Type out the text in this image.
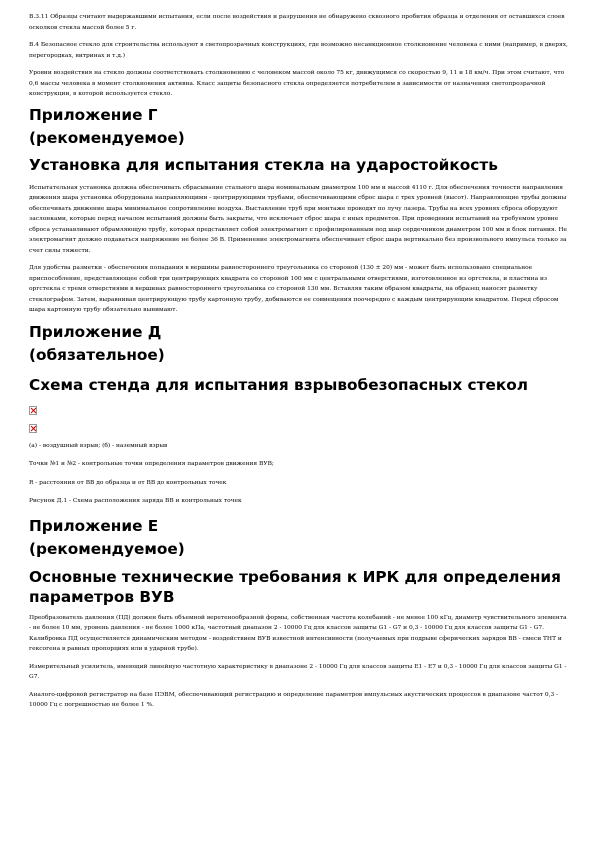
В.3.11 Образцы считают выдержавшими испытания, если после воздействия и разрушения не обнаружено сквозного пробития образца и отделения от оставшихся слоев осколков стекла массой более 5 г.

В.4 Безопасное стекло для строительства используют в светопрозрачных конструкциях, где возможно несанкционное столкновение человека с ними (например, в дверях, перегородках, витринах и т.д.)

Уровни воздействия на стекло должны соответствовать столкновению с человеком массой около 75 кг, движущимся со скоростью 9, 11 и 18 км/ч. При этом считают, что 0,6 массы человека в момент столкновения активна. Класс защиты безопасного стекла определяется потребителем в зависимости от назначения светопрозрачной конструкции, в которой используется стекло.

Приложение Г
(рекомендуемое)
Установка для испытания стекла на ударостойкость

Испытательная установка должна обеспечивать сбрасывание стального шара номинальным диаметром 100 мм и массой 4110 г. Для обеспечения точности направления движения шара установка оборудована направляющими - центрирующими трубами, обеспечивающими сброс шара с трех уровней (высот). Направляющие трубы должны обеспечивать движение шара минимальное сопротивление воздуха. Выставление труб при монтаже проводят по лучу лазера. Трубы на всех уровнях сброса оборудуют заслонками, которые перед началом испытаний должны быть закрыты, что исключает сброс шара с иных предметов. При проведении испытаний на требуемом уровне сброса устанавливают обрамляющую трубу, которая представляет собой электромагнит с профилированным под шар сердечником диаметром 100 мм и блок питания. Не электромагнит должно подаваться напряжение не более 36 В. Применение электромагнита обеспечивает сброс шара вертикально без произвольного импульса только за счет силы тяжести.

Для удобства разметки - обеспечения попадания в вершины равностороннего треугольника со стороной (130 ± 20) мм - может быть использовано специальное приспособление, представляющее собой три центрирующих квадрата со стороной 100 мм с центральными отверстиями, изготовленное из оргстекла, и пластина из оргстекла с тремя отверстиями в вершинах равностороннего треугольника со стороной 130 мм. Вставляя таким образом квадраты, на образец наносят разметку стеклографом. Затем, выравнивая центрирующую трубу картонную трубу, добиваются ее совмещения поочередно с каждым центрирующим квадратом. Перед сбросом шара картонную трубу обязательно вынимают.

Приложение Д
(обязательное)
Схема стенда для испытания взрывобезопасных стекол

(а) - воздушный взрыв; (б) - наземный взрыв

Точки №1 и №2 - контрольные точки определения параметров движения ВУВ;

R - расстояния от ВВ до образца и от ВВ до контрольных точек

Рисунок Д.1 - Схема расположения заряда ВВ и контрольных точек

Приложение Е
(рекомендуемое)
Основные технические требования к ИРК для определения
параметров ВУВ

Преобразователь давления (ПД) должен быть объемной веретенообразной формы, собственная частота колебаний - не менее 100 кГц, диаметр чувствительного элемента - не более 10 мм, уровень давления - не более 1000 кПа, частотный диапазон 2 - 10000 Гц для классов защиты G1 - G7 и 0,3 - 10000 Гц для классов защиты G1 - G7. Калибровка ПД осуществляется динамическим методом - воздействием ВУВ известной интенсивности (получаемых при подрыве сферических зарядов ВВ - смеси ТНТ и гексогена в равных пропорциях или в ударной трубе).

Измерительный усилитель, имеющий линейную частотную характеристику в диапазоне 2 - 10000 Гц для классов защиты Е1 - Е7 и 0,3 - 10000 Гц для классов защиты G1 - G7.

Аналого-цифровой регистратор на базе ПЭВМ, обеспечивающий регистрацию и определение параметров импульсных акустических процессов в диапазоне частот 0,3 - 10000 Гц с погрешностью не более 1 %.
